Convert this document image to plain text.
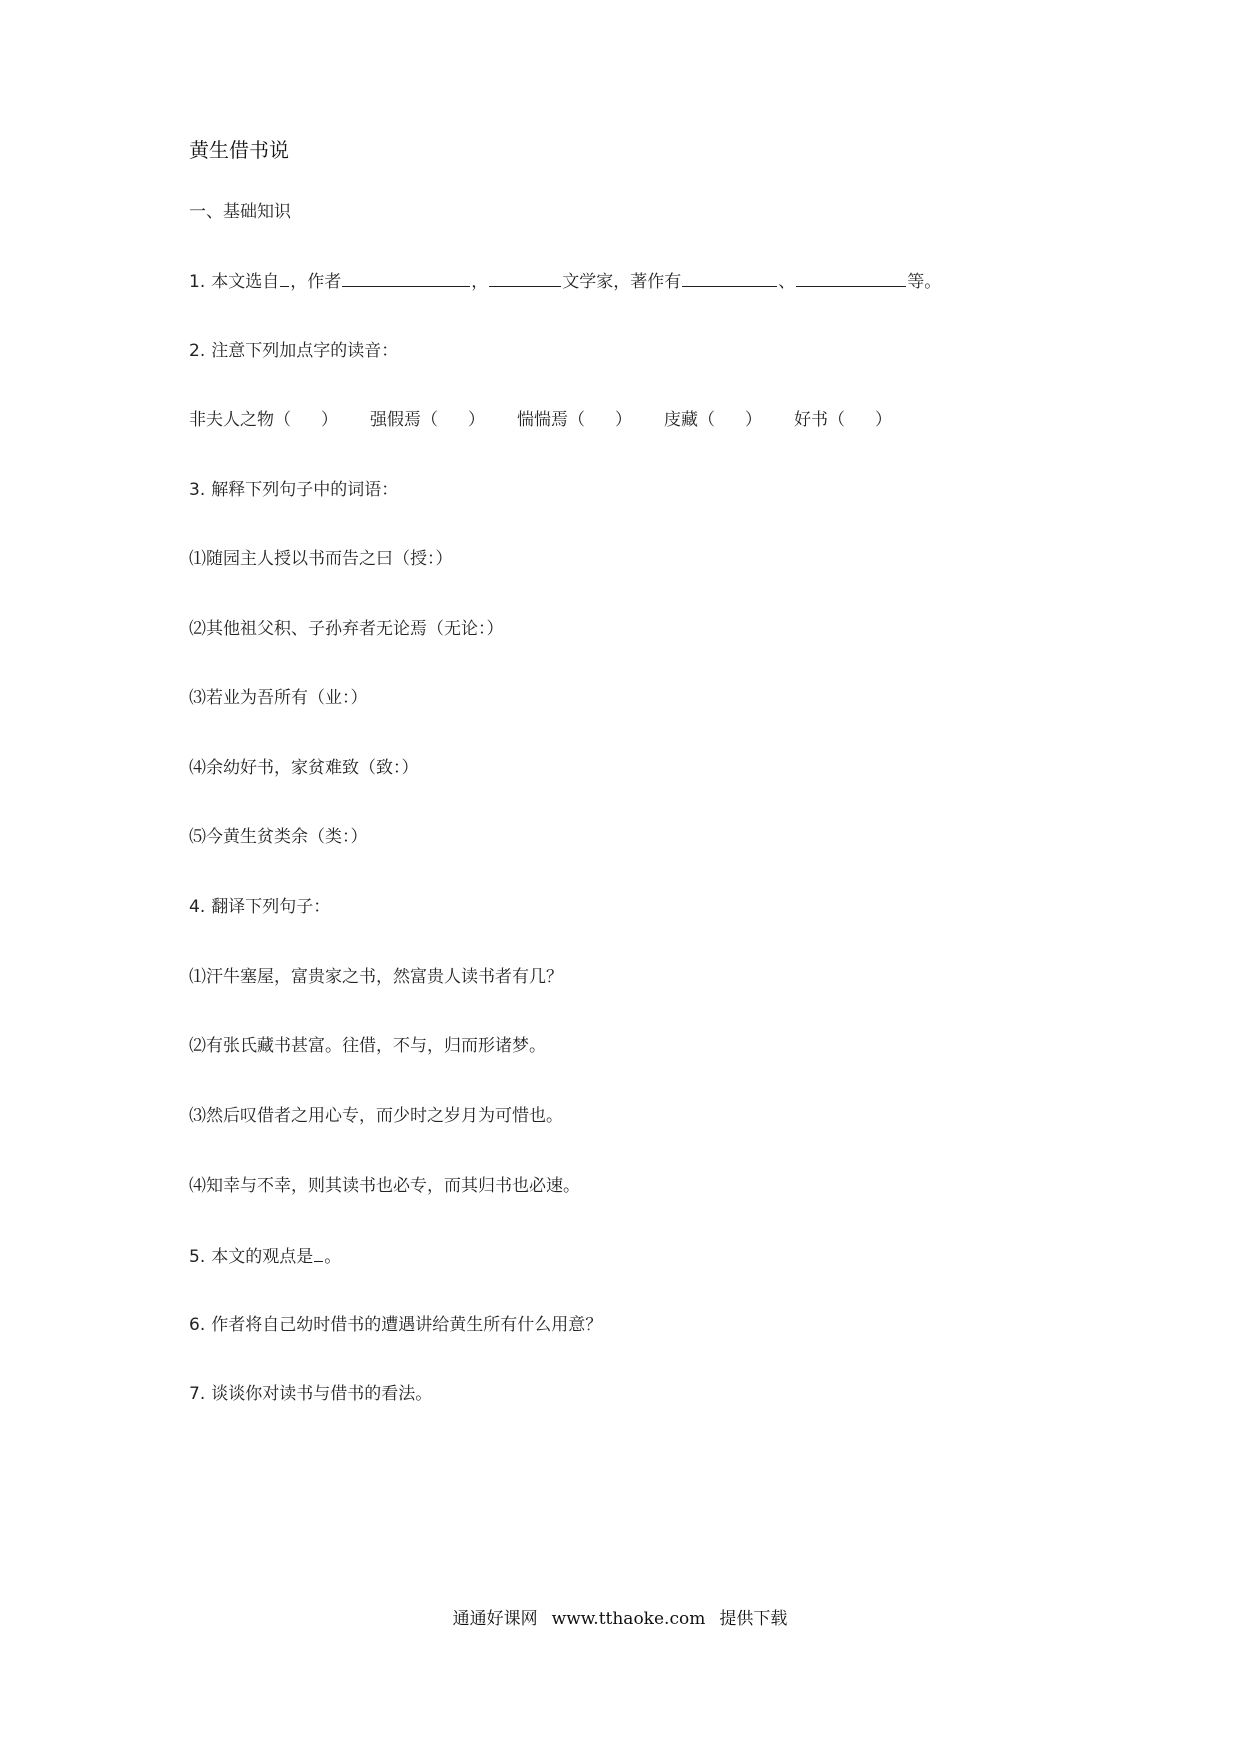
黄生借书说
一、基础知识
1. 本文选自 ，作者	，	文学家，著作有	、	等。
2. 注意下列加点字的读音：
非夫人之物（ ） 强假焉（ ） 惴惴焉（ ） 庋藏（ ） 好书（ ）
3. 解释下列句子中的词语：
⑴随园主人授以书而告之曰（授：）
⑵其他祖父积、子孙弃者无论焉（无论：）
⑶若业为吾所有（业：）
⑷余幼好书，家贫难致（致：）
⑸今黄生贫类余（类：）
4. 翻译下列句子：
⑴汗牛塞屋，富贵家之书，然富贵人读书者有几？
⑵有张氏藏书甚富。往借，不与，归而形诸梦。
⑶然后叹借者之用心专，而少时之岁月为可惜也。
⑷知幸与不幸，则其读书也必专，而其归书也必速。
5. 本文的观点是 。
6. 作者将自己幼时借书的遭遇讲给黄生所有什么用意？
7. 谈谈你对读书与借书的看法。
通通好课网 www.tthaoke.com 提供下载
